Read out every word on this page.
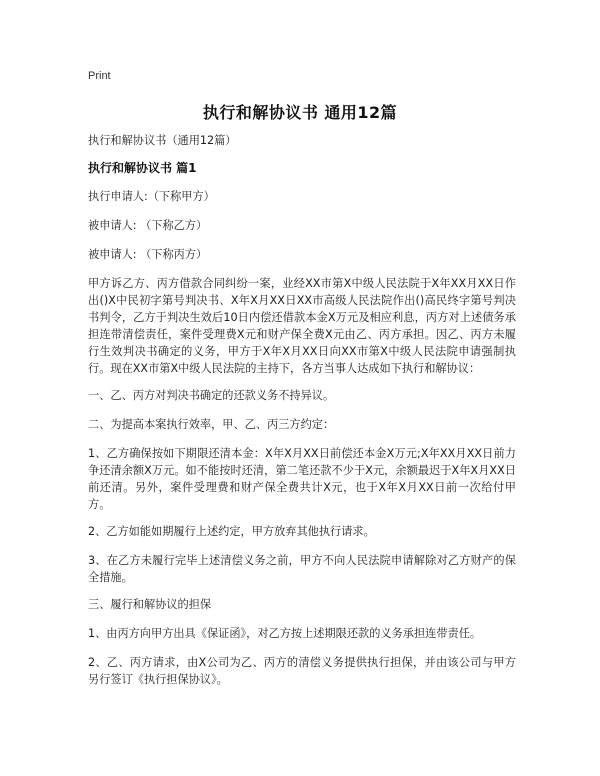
Print
执行和解协议书 通用12篇

执行和解协议书（通用12篇）

执行和解协议书 篇1

执行申请人:（下称甲方）

被申请人: （下称乙方）

被申请人: （下称丙方）

甲方诉乙方、丙方借款合同纠纷一案，业经XX市第X中级人民法院于X年XX月XX日作出()X中民初字第号判决书、X年X月XX日XX市高级人民法院作出()高民终字第号判决书判令，乙方于判决生效后10日内偿还借款本金X万元及相应利息，丙方对上述债务承担连带清偿责任，案件受理费X元和财产保全费X元由乙、丙方承担。因乙、丙方未履行生效判决书确定的义务，甲方于X年X月XX日向XX市第X中级人民法院申请强制执行。现在XX市第X中级人民法院的主持下，各方当事人达成如下执行和解协议：

一、乙、丙方对判决书确定的还款义务不持异议。

二、为提高本案执行效率，甲、乙、丙三方约定：

1、乙方确保按如下期限还清本金：X年X月XX日前偿还本金X万元;X年XX月XX日前力争还清余额X万元。如不能按时还清，第二笔还款不少于X元，余额最迟于X年X月XX日前还清。另外，案件受理费和财产保全费共计X元，也于X年X月XX日前一次给付甲方。

2、乙方如能如期履行上述约定，甲方放弃其他执行请求。

3、在乙方未履行完毕上述清偿义务之前，甲方不向人民法院申请解除对乙方财产的保全措施。

三、履行和解协议的担保

1、由丙方向甲方出具《保证函》，对乙方按上述期限还款的义务承担连带责任。

2、乙、丙方请求，由X公司为乙、丙方的清偿义务提供执行担保，并由该公司与甲方另行签订《执行担保协议》。
